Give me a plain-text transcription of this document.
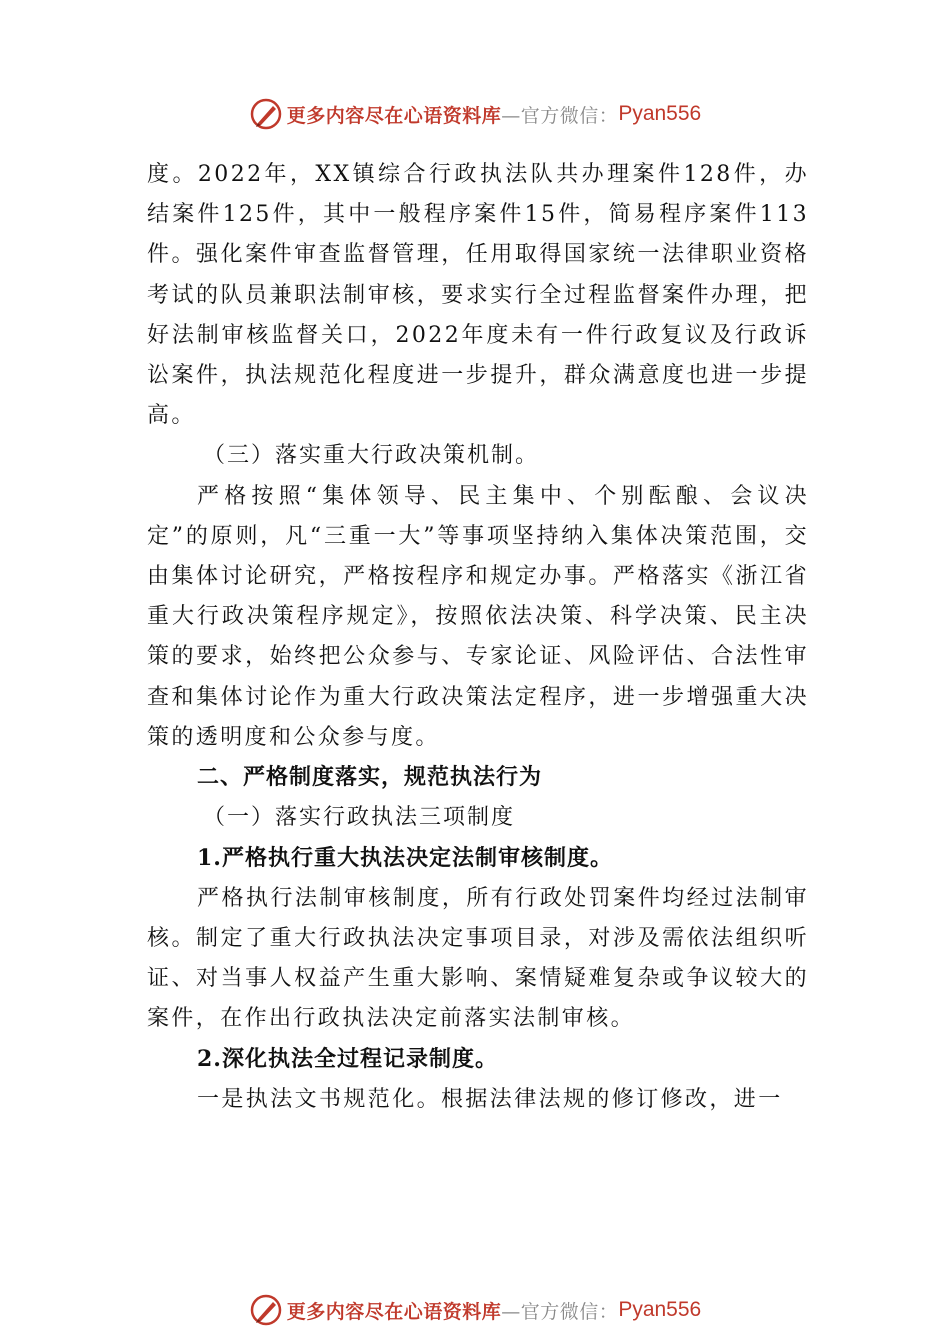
更多内容尽在心语资料库 —官方微信： Pyan556

度。2022年，XX镇综合行政执法队共办理案件128件，办结案件125件，其中一般程序案件15件，简易程序案件113件。强化案件审查监督管理，任用取得国家统一法律职业资格考试的队员兼职法制审核，要求实行全过程监督案件办理，把好法制审核监督关口，2022年度未有一件行政复议及行政诉讼案件，执法规范化程度进一步提升，群众满意度也进一步提高。

（三）落实重大行政决策机制。

严格按照“集体领导、民主集中、个别酝酿、会议决定”的原则，凡“三重一大”等事项坚持纳入集体决策范围，交 由集体讨论研究，严格按程序和规定办事。严格落实《浙江省重大行政决策程序规定》，按照依法决策、科学决策、民主决策的要求，始终把公众参与、专家论证、风险评估、合法性审查和集体讨论作为重大行政决策法定程序，进一步增强重大决策的透明度和公众参与度。

二、严格制度落实，规范执法行为

（一）落实行政执法三项制度

1.严格执行重大执法决定法制审核制度。

严格执行法制审核制度，所有行政处罚案件均经过法制审核。制定了重大行政执法决定事项目录，对涉及需依法组织听证、对当事人权益产生重大影响、案情疑难复杂或争议较大的案件，在作出行政执法决定前落实法制审核。

2.深化执法全过程记录制度。

一是执法文书规范化。根据法律法规的修订修改，进一

更多内容尽在心语资料库 —官方微信： Pyan556
